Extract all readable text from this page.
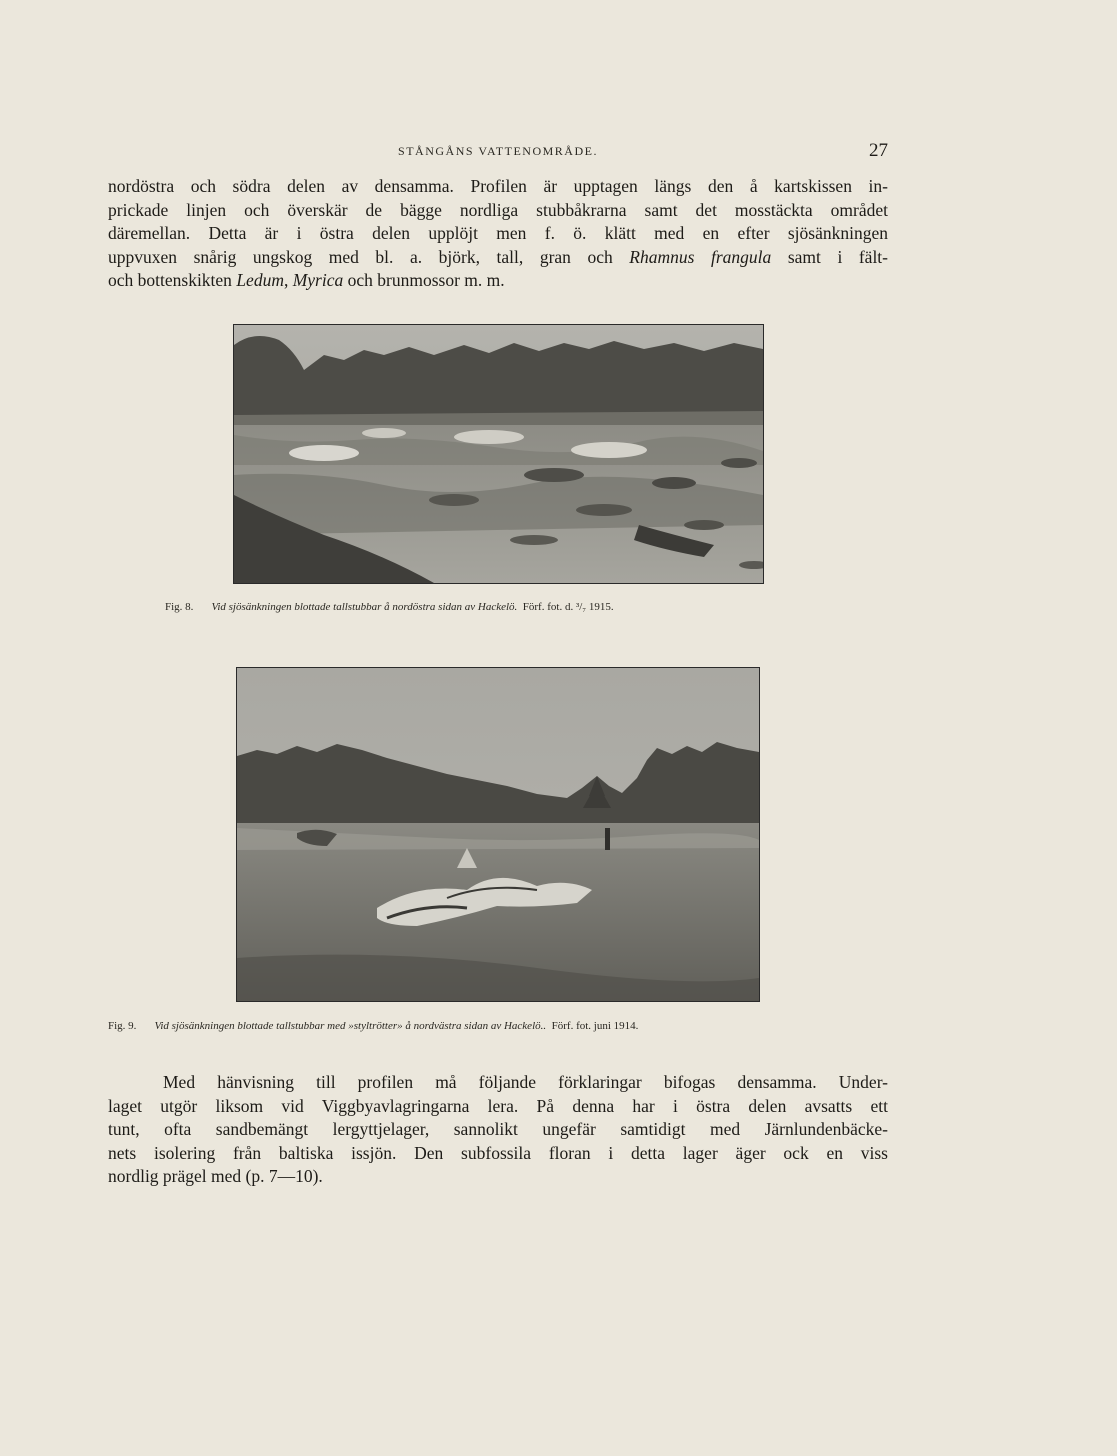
STÅNGÅNS VATTENOMRÅDE.	27

nordöstra och södra delen av densamma. Profilen är upptagen längs den å kartskissen in-
prickade linjen och överskär de bägge nordliga stubbåkrarna samt det mosstäckta området
däremellan. Detta är i östra delen upplöjt men f. ö. klätt med en efter sjösänkningen
uppvuxen snårig ungskog med bl. a. björk, tall, gran och Rhamnus frangula samt i fält-
och bottenskikten Ledum, Myrica och brunmossor m. m.

Fig. 8. Vid sjösänkningen blottade tallstubbar å nordöstra sidan av Hackelö. Förf. fot. d. ³/₇ 1915.
Fig. 9. Vid sjösänkningen blottade tallstubbar med »styltrötter» å nordvästra sidan av Hackelö.. Förf. fot. juni 1914.

Med hänvisning till profilen må följande förklaringar bifogas densamma. Under-
laget utgör liksom vid Viggbyavlagringarna lera. På denna har i östra delen avsatts ett
tunt, ofta sandbemängt lergyttjelager, sannolikt ungefär samtidigt med Järnlundenbäcke-
nets isolering från baltiska issjön. Den subfossila floran i detta lager äger ock en viss
nordlig prägel med (p. 7—10).
